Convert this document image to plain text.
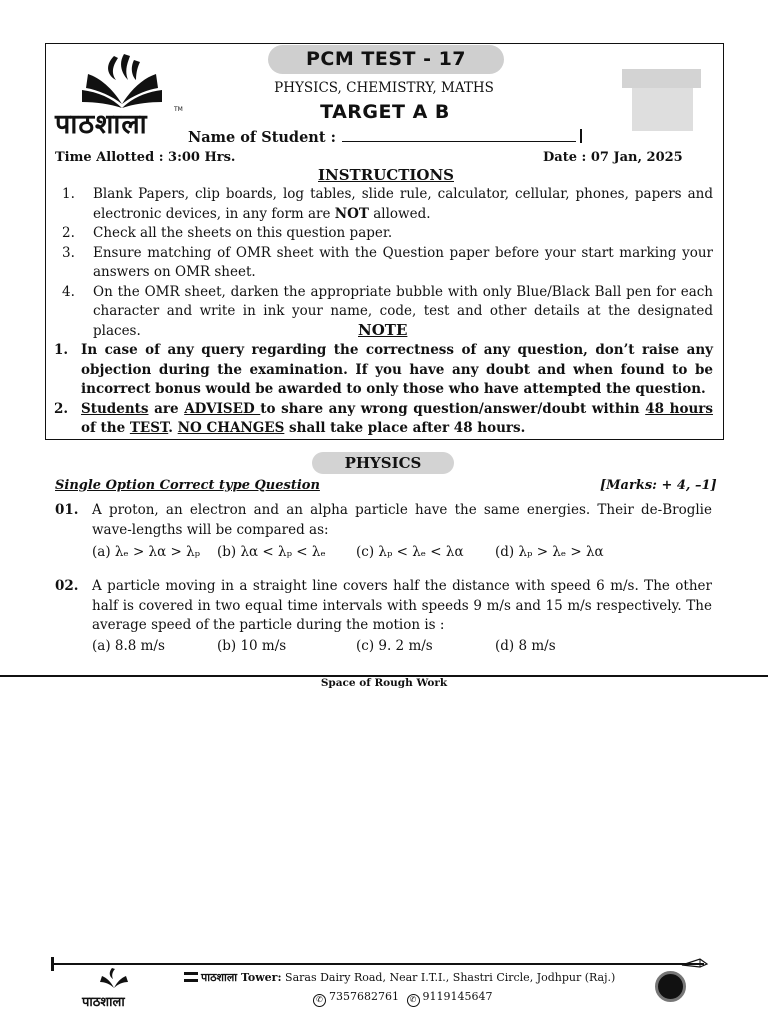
पाठशाला	TM
PCM TEST - 17
PHYSICS, CHEMISTRY, MATHS
TARGET A B
Name of Student :
Time Allotted : 3:00 Hrs.	Date : 07 Jan, 2025
INSTRUCTIONS
1. Blank Papers, clip boards, log tables, slide rule, calculator, cellular, phones, papers and electronic devices, in any form are NOT allowed.
2. Check all the sheets on this question paper.
3. Ensure matching of OMR sheet with the Question paper before your start marking your answers on OMR sheet.
4. On the OMR sheet, darken the appropriate bubble with only Blue/Black Ball pen for each character and write in ink your name, code, test and other details at the designated places.	NOTE
1. In case of any query regarding the correctness of any question, don’t raise any objection during the examination. If you have any doubt and when found to be incorrect bonus would be awarded to only those who have attempted the question.
2. Students are ADVISED to share any wrong question/answer/doubt within 48 hours of the TEST. NO CHANGES shall take place after 48 hours.
PHYSICS
Single Option Correct type Question	[Marks: + 4, –1]
01.	A proton, an electron and an alpha particle have the same energies. Their de-Broglie wave-lengths will be compared as:
(a) λₑ > λα > λₚ (b) λα < λₚ < λₑ (c) λₚ < λₑ < λα (d) λₚ > λₑ > λα
02.	A particle moving in a straight line covers half the distance with speed 6 m/s. The other half is covered in two equal time intervals with speeds 9 m/s and 15 m/s respectively. The average speed of the particle during the motion is :
(a) 8.8 m/s	(b) 10 m/s	(c) 9. 2 m/s	(d) 8 m/s
Space of Rough Work
पाठशाला
पाठशाला Tower: Saras Dairy Road, Near I.T.I., Shastri Circle, Jodhpur (Raj.)
✆ 7357682761 ✆ 9119145647
